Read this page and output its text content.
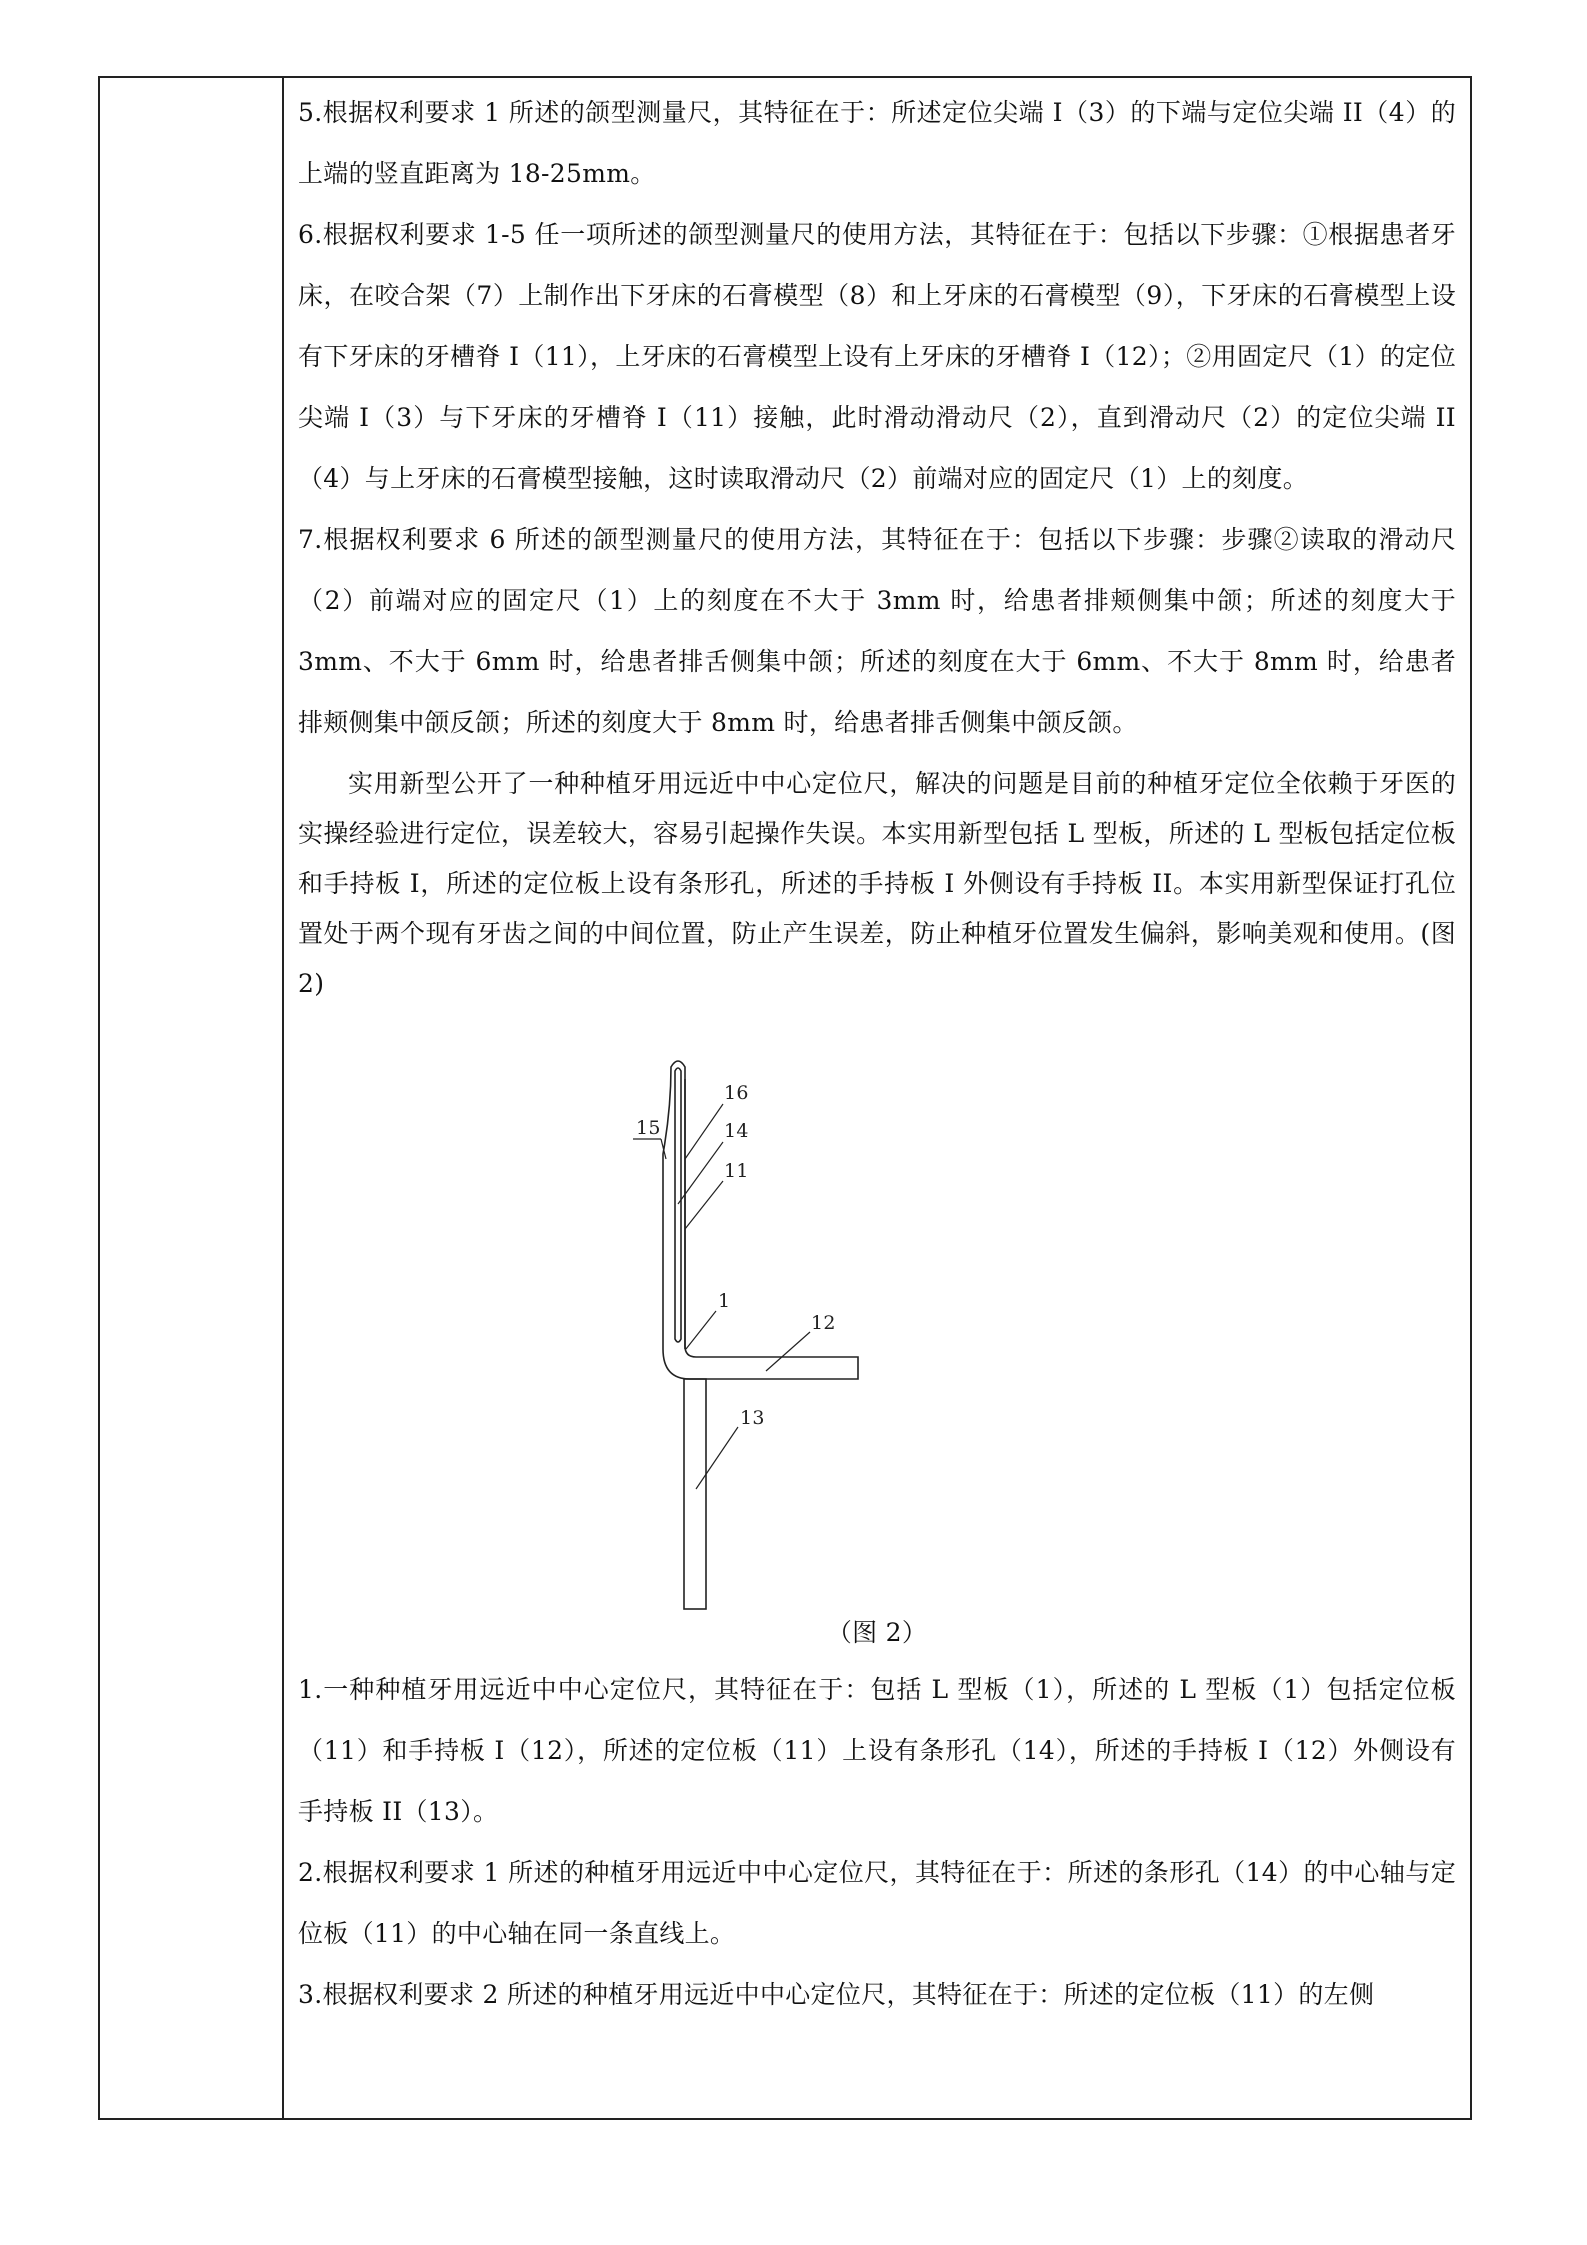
5.根据权利要求 1 所述的颌型测量尺，其特征在于：所述定位尖端 I（3）的下端与定位尖端 II（4）的上端的竖直距离为 18-25mm。

6.根据权利要求 1-5 任一项所述的颌型测量尺的使用方法，其特征在于：包括以下步骤：①根据患者牙床，在咬合架（7）上制作出下牙床的石膏模型（8）和上牙床的石膏模型（9），下牙床的石膏模型上设有下牙床的牙槽脊 I（11），上牙床的石膏模型上设有上牙床的牙槽脊 I（12）；②用固定尺（1）的定位尖端 I（3）与下牙床的牙槽脊 I（11）接触，此时滑动滑动尺（2），直到滑动尺（2）的定位尖端 II（4）与上牙床的石膏模型接触，这时读取滑动尺（2）前端对应的固定尺（1）上的刻度。

7.根据权利要求 6 所述的颌型测量尺的使用方法，其特征在于：包括以下步骤：步骤②读取的滑动尺（2）前端对应的固定尺（1）上的刻度在不大于 3mm 时，给患者排颊侧集中颌；所述的刻度大于 3mm、不大于 6mm 时，给患者排舌侧集中颌；所述的刻度在大于 6mm、不大于 8mm 时，给患者排颊侧集中颌反颌；所述的刻度大于 8mm 时，给患者排舌侧集中颌反颌。

实用新型公开了一种种植牙用远近中中心定位尺，解决的问题是目前的种植牙定位全依赖于牙医的实操经验进行定位，误差较大，容易引起操作失误。本实用新型包括 L 型板，所述的 L 型板包括定位板和手持板 I，所述的定位板上设有条形孔，所述的手持板 I 外侧设有手持板 II。本实用新型保证打孔位置处于两个现有牙齿之间的中间位置，防止产生误差，防止种植牙位置发生偏斜，影响美观和使用。(图 2)

16
15	14
11
1
12
13
（图 2）

1.一种种植牙用远近中中心定位尺，其特征在于：包括 L 型板（1），所述的 L 型板（1）包括定位板（11）和手持板 I（12），所述的定位板（11）上设有条形孔（14），所述的手持板 I（12）外侧设有手持板 II（13）。

2.根据权利要求 1 所述的种植牙用远近中中心定位尺，其特征在于：所述的条形孔（14）的中心轴与定位板（11）的中心轴在同一条直线上。

3.根据权利要求 2 所述的种植牙用远近中中心定位尺，其特征在于：所述的定位板（11）的左侧
